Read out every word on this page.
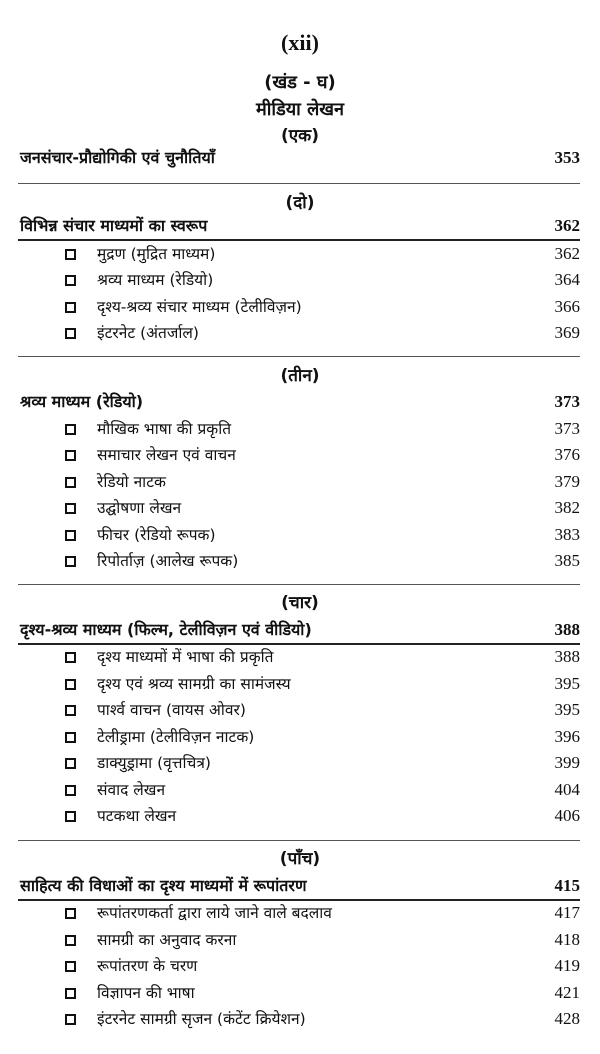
(xii)
(खंड - घ)
मीडिया लेखन
(एक)
जनसंचार-प्रौद्योगिकी एवं चुनौतियाँ	353
(दो)
विभिन्न संचार माध्यमों का स्वरूप	362
मुद्रण (मुद्रित माध्यम)	362
श्रव्य माध्यम (रेडियो)	364
दृश्य-श्रव्य संचार माध्यम (टेलीविज़न)	366
इंटरनेट (अंतर्जाल)	369
(तीन)
श्रव्य माध्यम (रेडियो)	373
मौखिक भाषा की प्रकृति	373
समाचार लेखन एवं वाचन	376
रेडियो नाटक	379
उद्घोषणा लेखन	382
फीचर (रेडियो रूपक)	383
रिपोर्ताज़ (आलेख रूपक)	385
(चार)
दृश्य-श्रव्य माध्यम (फिल्म, टेलीविज़न एवं वीडियो)	388
दृश्य माध्यमों में भाषा की प्रकृति	388
दृश्य एवं श्रव्य सामग्री का सामंजस्य	395
पार्श्व वाचन (वायस ओवर)	395
टेलीड्रामा (टेलीविज़न नाटक)	396
डाक्युड्रामा (वृत्तचित्र)	399
संवाद लेखन	404
पटकथा लेखन	406
(पाँच)
साहित्य की विधाओं का दृश्य माध्यमों में रूपांतरण	415
रूपांतरणकर्ता द्वारा लाये जाने वाले बदलाव	417
सामग्री का अनुवाद करना	418
रूपांतरण के चरण	419
विज्ञापन की भाषा	421
इंटरनेट सामग्री सृजन (कंटेंट क्रियेशन)	428
